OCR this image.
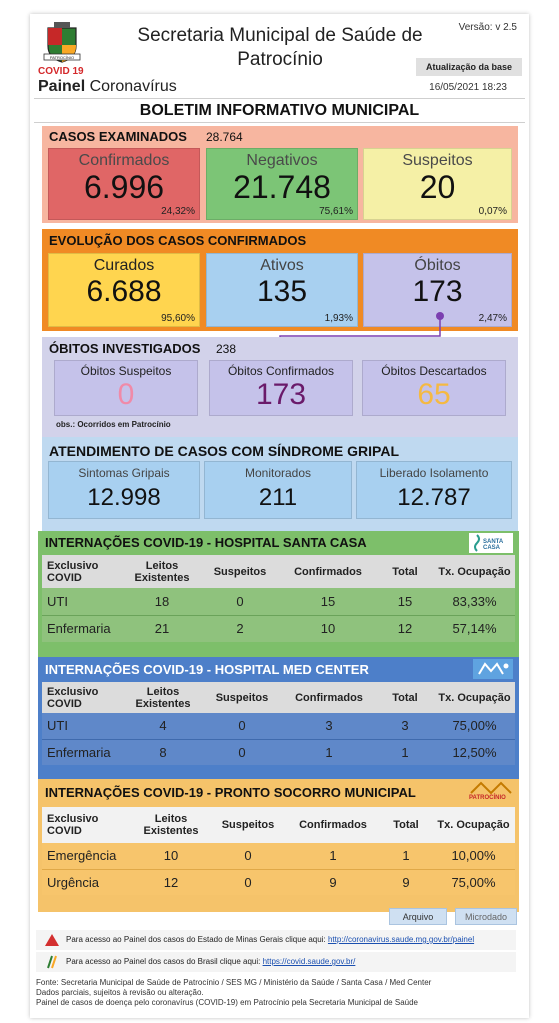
PATROCÍNIO
COVID 19
Painel Coronavírus
Secretaria Municipal de Saúde de Patrocínio
Versão: v 2.5
Atualização da base
16/05/2021 18:23
BOLETIM INFORMATIVO MUNICIPAL
CASOS EXAMINADOS 28.764
Confirmados
6.996
24,32%
Negativos
21.748
75,61%
Suspeitos
20
0,07%
EVOLUÇÃO DOS CASOS CONFIRMADOS
Curados
6.688
95,60%
Ativos
135
1,93%
Óbitos
173
2,47%
ÓBITOS INVESTIGADOS 238
Óbitos Suspeitos
0
Óbitos Confirmados
173
Óbitos Descartados
65
obs.: Ocorridos em Patrocínio
ATENDIMENTO DE CASOS COM SÍNDROME GRIPAL
Sintomas Gripais
12.998
Monitorados
211
Liberado Isolamento
12.787
INTERNAÇÕES COVID-19 - HOSPITAL SANTA CASA	SANTA CASA
Exclusivo COVID	Leitos Existentes	Suspeitos	Confirmados	Total	Tx. Ocupação
UTI	18	0	15	15	83,33%
Enfermaria	21	2	10	12	57,14%
INTERNAÇÕES COVID-19 - HOSPITAL MED CENTER
Exclusivo COVID	Leitos Existentes	Suspeitos	Confirmados	Total	Tx. Ocupação
UTI	4	0	3	3	75,00%
Enfermaria	8	0	1	1	12,50%
INTERNAÇÕES COVID-19 - PRONTO SOCORRO MUNICIPAL	PATROCÍNIO
Exclusivo COVID	Leitos Existentes	Suspeitos	Confirmados	Total	Tx. Ocupação
Emergência	10	0	1	1	10,00%
Urgência	12	0	9	9	75,00%
Arquivo	Microdado
Para acesso ao Painel dos casos do Estado de Minas Gerais clique aqui: http://coronavirus.saude.mg.gov.br/painel
Para acesso ao Painel dos casos do Brasil clique aqui: https://covid.saude.gov.br/
Fonte: Secretaria Municipal de Saúde de Patrocínio / SES MG / Ministério da Saúde / Santa Casa / Med Center
Dados parciais, sujeitos à revisão ou alteração.
Painel de casos de doença pelo coronavírus (COVID-19) em Patrocínio pela Secretaria Municipal de Saúde
